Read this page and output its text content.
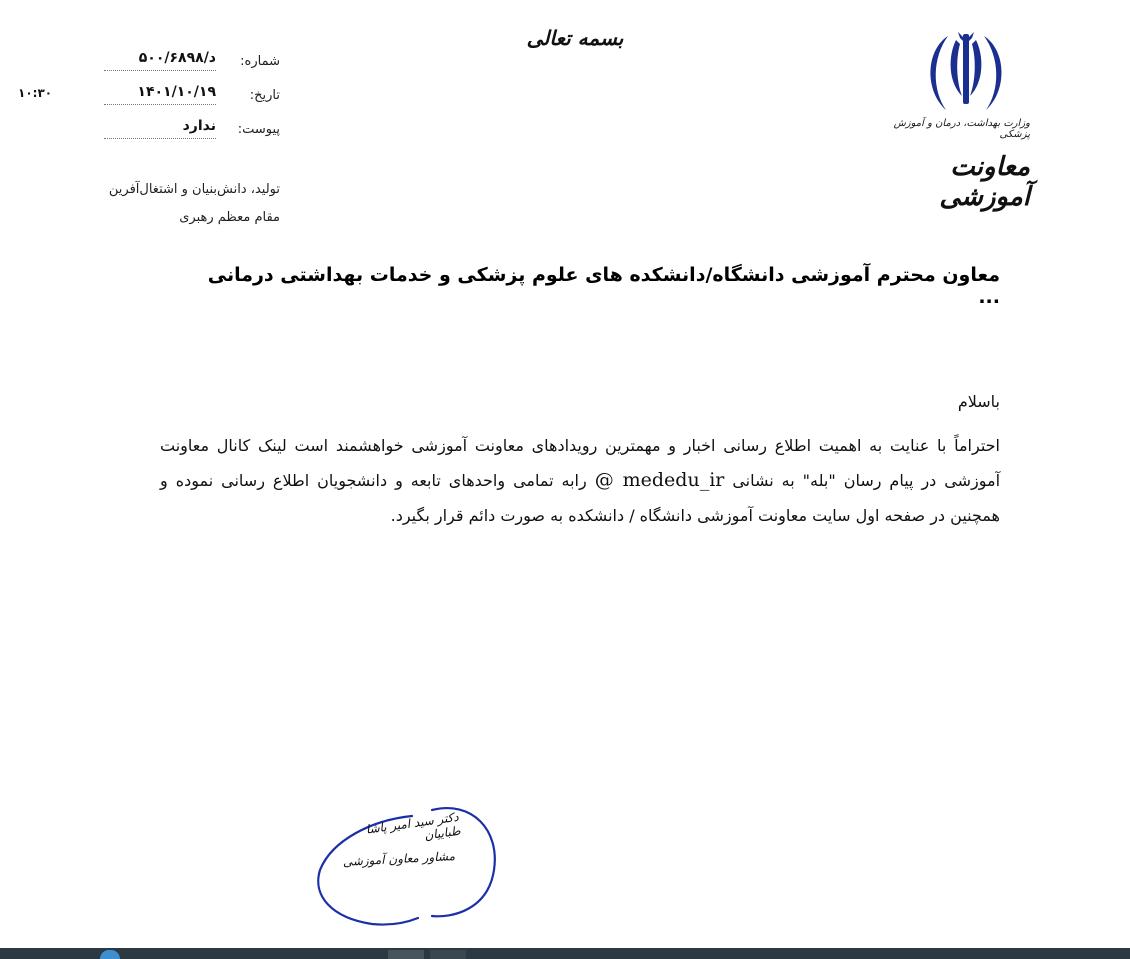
وزارت بهداشت، درمان و آموزش پزشکی
معاونت آموزشی
بسمه تعالی
شماره:
د/۵۰۰/۶۸۹۸
تاریخ:
۱۴۰۱/۱۰/۱۹
پیوست:
ندارد
۱۰:۳۰
تولید، دانش‌بنیان و اشتغال‌آفرین
مقام معظم رهبری
معاون محترم آموزشی دانشگاه/دانشکده های علوم پزشکی و خدمات بهداشتی درمانی ...
باسلام
احتراماً با عنایت به اهمیت اطلاع رسانی اخبار و مهمترین رویدادهای معاونت آموزشی خواهشمند است لینک کانال معاونت آموزشی در پیام رسان "بله" به نشانی @ mededu_ir رابه تمامی واحدهای تابعه و دانشجویان اطلاع رسانی نموده و همچنین در صفحه اول سایت معاونت آموزشی دانشگاه / دانشکده به صورت دائم قرار بگیرد.
دکتر سید امیر پاشا طباییان
مشاور معاون آموزشی
